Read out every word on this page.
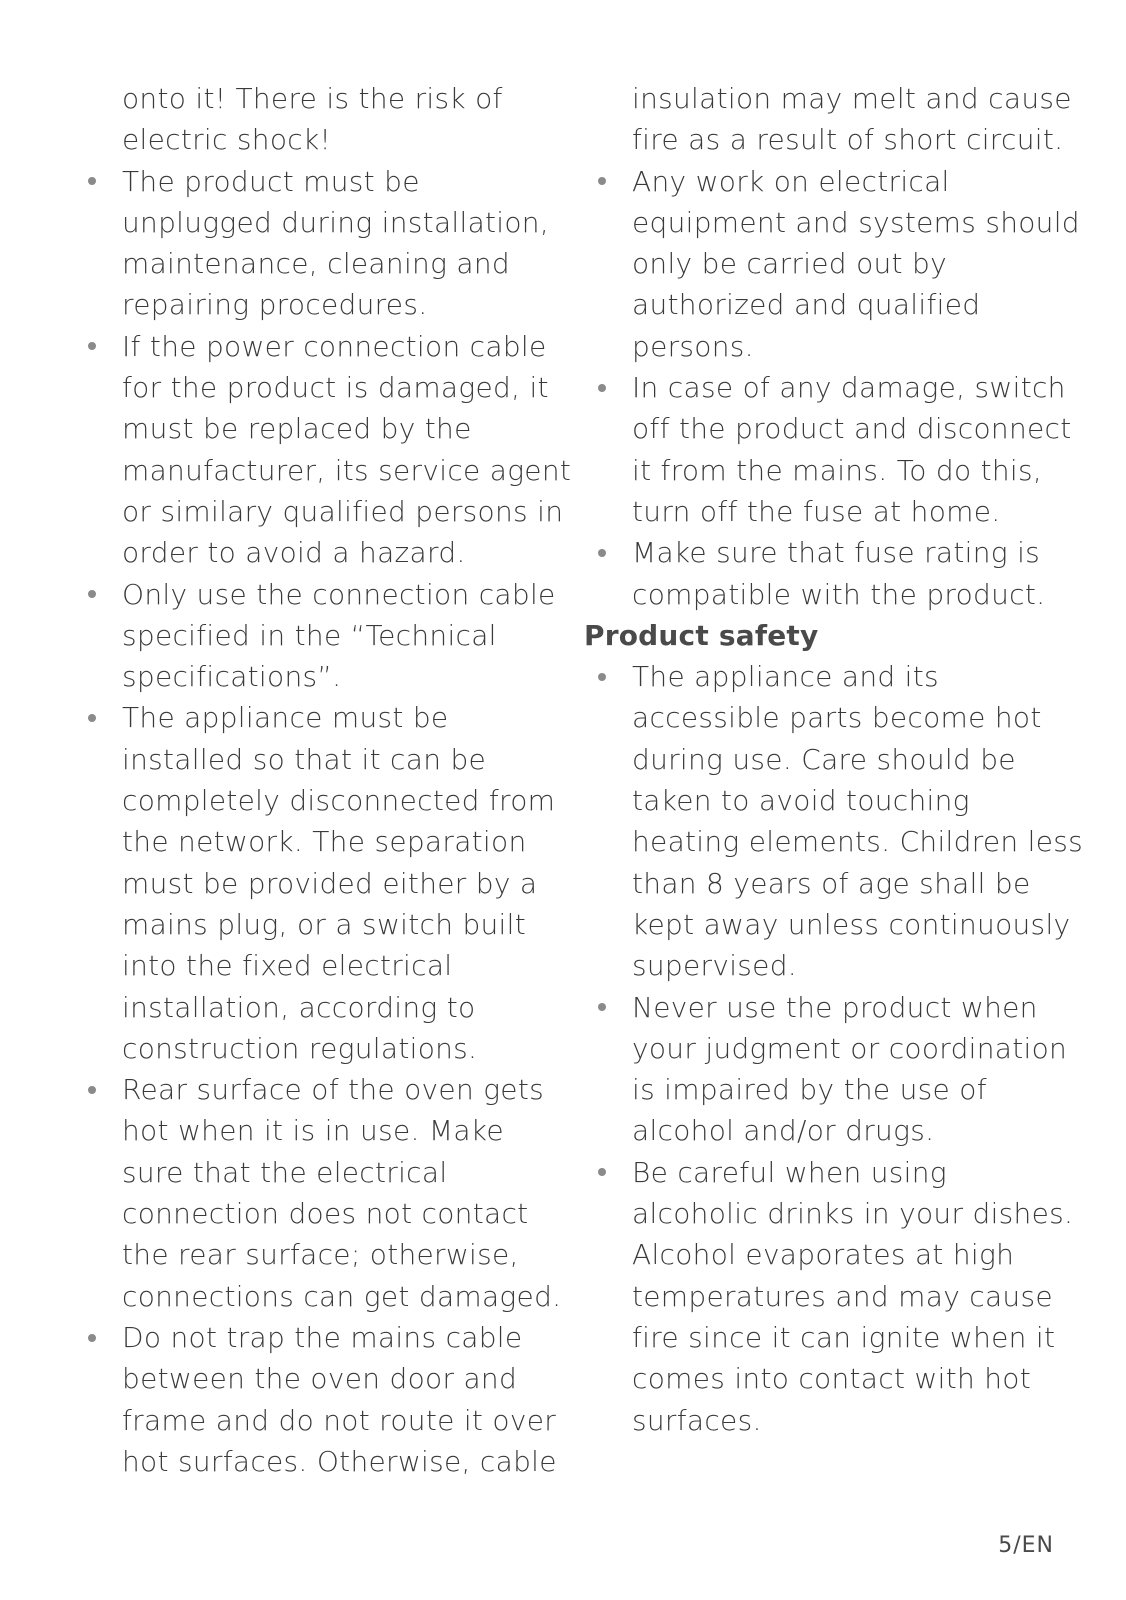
onto it! There is the risk of
electric shock!
The product must be
unplugged during installation,
maintenance, cleaning and
repairing procedures.
If the power connection cable
for the product is damaged, it
must be replaced by the
manufacturer, its service agent
or similary qualified persons in
order to avoid a hazard.
Only use the connection cable
specified in the “Technical
specifications”.
The appliance must be
installed so that it can be
completely disconnected from
the network. The separation
must be provided either by a
mains plug, or a switch built
into the fixed electrical
installation, according to
construction regulations.
Rear surface of the oven gets
hot when it is in use. Make
sure that the electrical
connection does not contact
the rear surface; otherwise,
connections can get damaged.
Do not trap the mains cable
between the oven door and
frame and do not route it over
hot surfaces. Otherwise, cable
insulation may melt and cause
fire as a result of short circuit.
Any work on electrical
equipment and systems should
only be carried out by
authorized and qualified
persons.
In case of any damage, switch
off the product and disconnect
it from the mains. To do this,
turn off the fuse at home.
Make sure that fuse rating is
compatible with the product.
Product safety
The appliance and its
accessible parts become hot
during use. Care should be
taken to avoid touching
heating elements. Children less
than 8 years of age shall be
kept away unless continuously
supervised.
Never use the product when
your judgment or coordination
is impaired by the use of
alcohol and/or drugs.
Be careful when using
alcoholic drinks in your dishes.
Alcohol evaporates at high
temperatures and may cause
fire since it can ignite when it
comes into contact with hot
surfaces.
5/EN
